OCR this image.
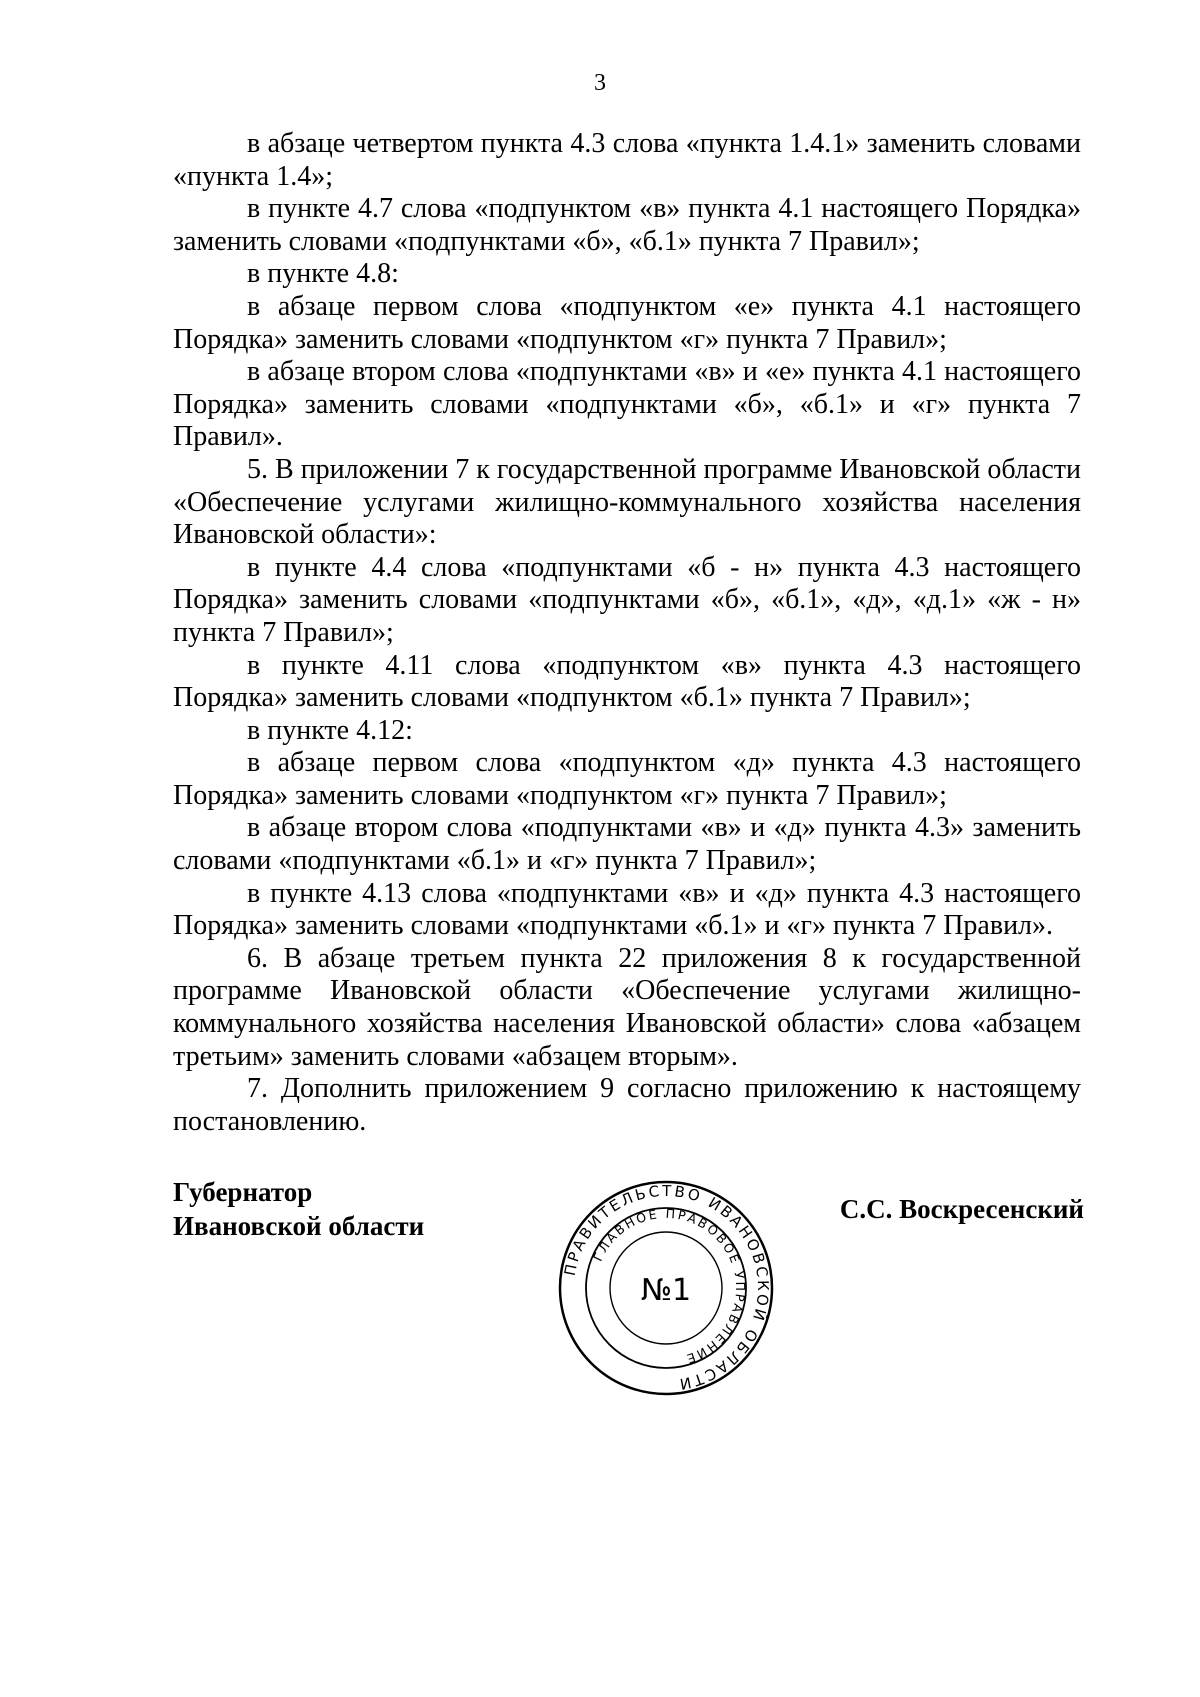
3

в абзаце четвертом пункта 4.3 слова «пункта 1.4.1» заменить словами «пункта 1.4»;

в пункте 4.7 слова «подпунктом «в» пункта 4.1 настоящего Порядка» заменить словами «подпунктами «б», «б.1» пункта 7 Правил»;

в пункте 4.8:

в абзаце первом слова «подпунктом «е» пункта 4.1 настоящего Порядка» заменить словами «подпунктом «г» пункта 7 Правил»;

в абзаце втором слова «подпунктами «в» и «е» пункта 4.1 настоящего Порядка» заменить словами «подпунктами «б», «б.1» и «г» пункта 7 Правил».

5. В приложении 7 к государственной программе Ивановской области «Обеспечение услугами жилищно-коммунального хозяйства населения Ивановской области»:

в пункте 4.4 слова «подпунктами «б - н» пункта 4.3 настоящего Порядка» заменить словами «подпунктами «б», «б.1», «д», «д.1» «ж - н» пункта 7 Правил»;

в пункте 4.11 слова «подпунктом «в» пункта 4.3 настоящего Порядка» заменить словами «подпунктом «б.1» пункта 7 Правил»;

в пункте 4.12:

в абзаце первом слова «подпунктом «д» пункта 4.3 настоящего Порядка» заменить словами «подпунктом «г» пункта 7 Правил»;

в абзаце втором слова «подпунктами «в» и «д» пункта 4.3» заменить словами «подпунктами «б.1» и «г» пункта 7 Правил»;

в пункте 4.13 слова «подпунктами «в» и «д» пункта 4.3 настоящего Порядка» заменить словами «подпунктами «б.1» и «г» пункта 7 Правил».

6. В абзаце третьем пункта 22 приложения 8 к государственной программе Ивановской области «Обеспечение услугами жилищно-коммунального хозяйства населения Ивановской области» слова «абзацем третьим» заменить словами «абзацем вторым».

7. Дополнить приложением 9 согласно приложению к настоящему постановлению.

Губернатор
Ивановской области
С.С. Воскресенский
ПРАВИТЕЛЬСТВО ИВАНОВСКОЙ ОБЛАСТИ
ГЛАВНОЕ ПРАВОВОЕ УПРАВЛЕНИЕ
№1
